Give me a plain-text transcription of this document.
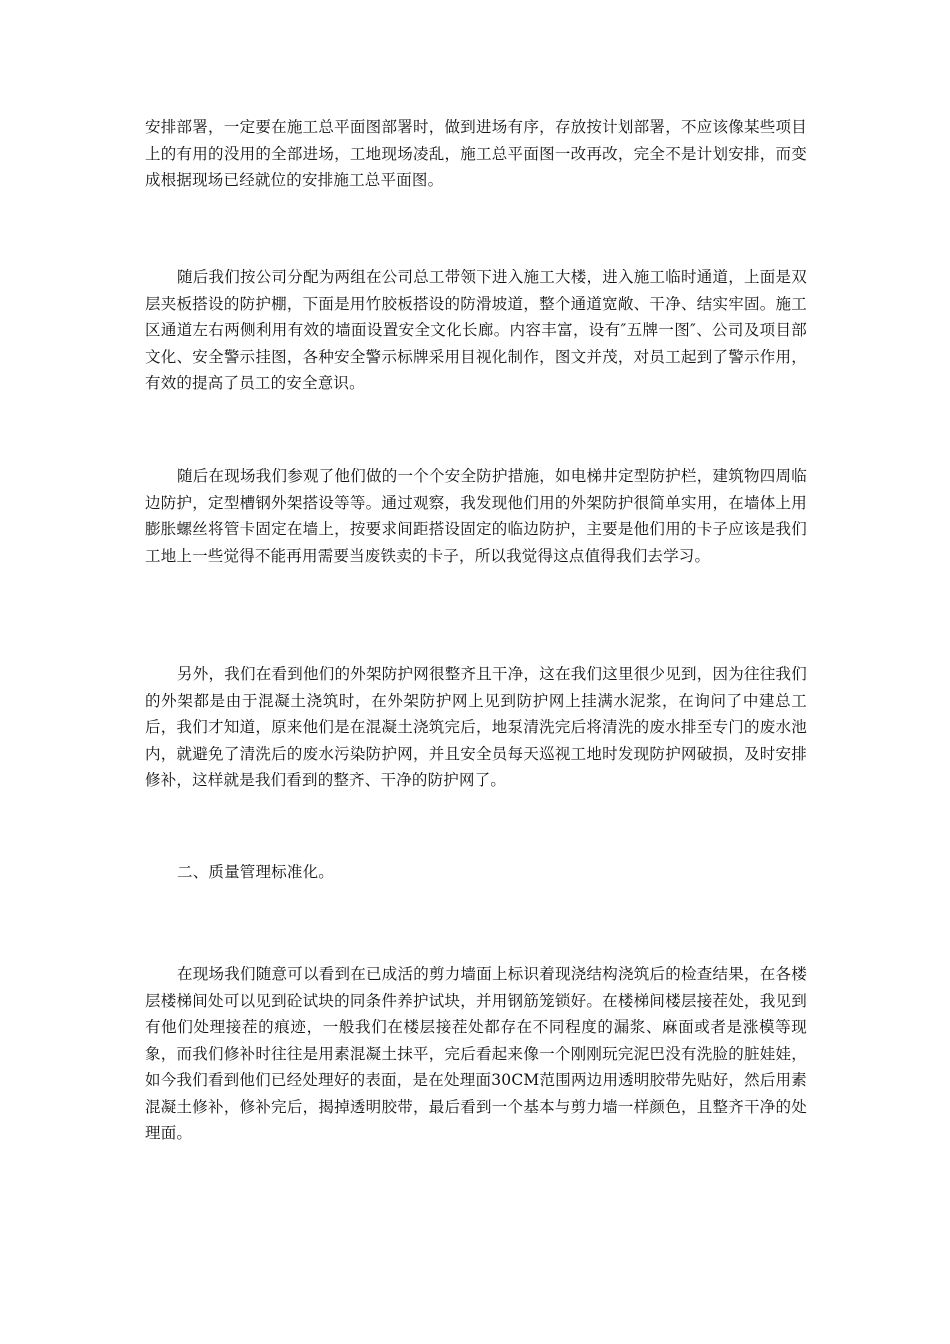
安排部署，一定要在施工总平面图部署时，做到进场有序，存放按计划部署，不应该像某些项目上的有用的没用的全部进场，工地现场凌乱，施工总平面图一改再改，完全不是计划安排，而变成根据现场已经就位的安排施工总平面图。

随后我们按公司分配为两组在公司总工带领下进入施工大楼，进入施工临时通道，上面是双层夹板搭设的防护棚，下面是用竹胶板搭设的防滑坡道，整个通道宽敞、干净、结实牢固。施工区通道左右两侧利用有效的墙面设置安全文化长廊。内容丰富，设有″五牌一图″、公司及项目部文化、安全警示挂图，各种安全警示标牌采用目视化制作，图文并茂，对员工起到了警示作用，有效的提高了员工的安全意识。

随后在现场我们参观了他们做的一个个安全防护措施，如电梯井定型防护栏，建筑物四周临边防护，定型槽钢外架搭设等等。通过观察，我发现他们用的外架防护很简单实用，在墙体上用膨胀螺丝将管卡固定在墙上，按要求间距搭设固定的临边防护，主要是他们用的卡子应该是我们工地上一些觉得不能再用需要当废铁卖的卡子，所以我觉得这点值得我们去学习。

另外，我们在看到他们的外架防护网很整齐且干净，这在我们这里很少见到，因为往往我们的外架都是由于混凝土浇筑时，在外架防护网上见到防护网上挂满水泥浆，在询问了中建总工后，我们才知道，原来他们是在混凝土浇筑完后，地泵清洗完后将清洗的废水排至专门的废水池内，就避免了清洗后的废水污染防护网，并且安全员每天巡视工地时发现防护网破损，及时安排修补，这样就是我们看到的整齐、干净的防护网了。

二、质量管理标准化。

在现场我们随意可以看到在已成活的剪力墙面上标识着现浇结构浇筑后的检查结果，在各楼层楼梯间处可以见到砼试块的同条件养护试块，并用钢筋笼锁好。在楼梯间楼层接茬处，我见到有他们处理接茬的痕迹，一般我们在楼层接茬处都存在不同程度的漏浆、麻面或者是涨模等现象，而我们修补时往往是用素混凝土抹平，完后看起来像一个刚刚玩完泥巴没有洗脸的脏娃娃，如今我们看到他们已经处理好的表面，是在处理面30CM范围两边用透明胶带先贴好，然后用素混凝土修补，修补完后，揭掉透明胶带，最后看到一个基本与剪力墙一样颜色，且整齐干净的处理面。
